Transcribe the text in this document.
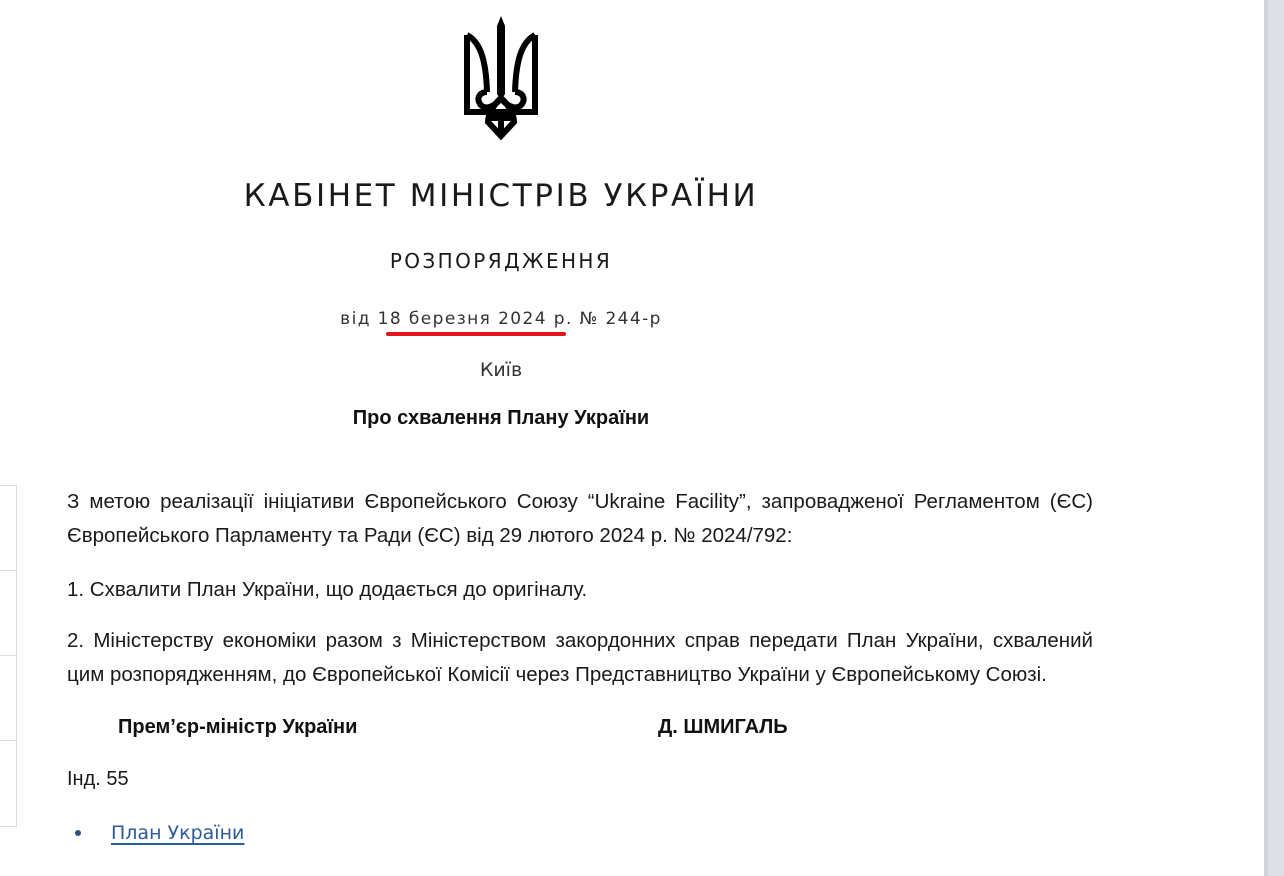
КАБІНЕТ МІНІСТРІВ УКРАЇНИ
РОЗПОРЯДЖЕННЯ
від 18 березня 2024 р. № 244-р
Київ
Про схвалення Плану України

З метою реалізації ініціативи Європейського Союзу “Ukraine Facility”, запровадженої Регламентом (ЄС) Європейського Парламенту та Ради (ЄС) від 29 лютого 2024 р. № 2024/792:

1. Схвалити План України, що додається до оригіналу.

2. Міністерству економіки разом з Міністерством закордонних справ передати План України, схвалений цим розпорядженням, до Європейської Комісії через Представництво України у Європейському Союзі.

Прем’єр-міністр України	Д. ШМИГАЛЬ
Інд. 55
План України
